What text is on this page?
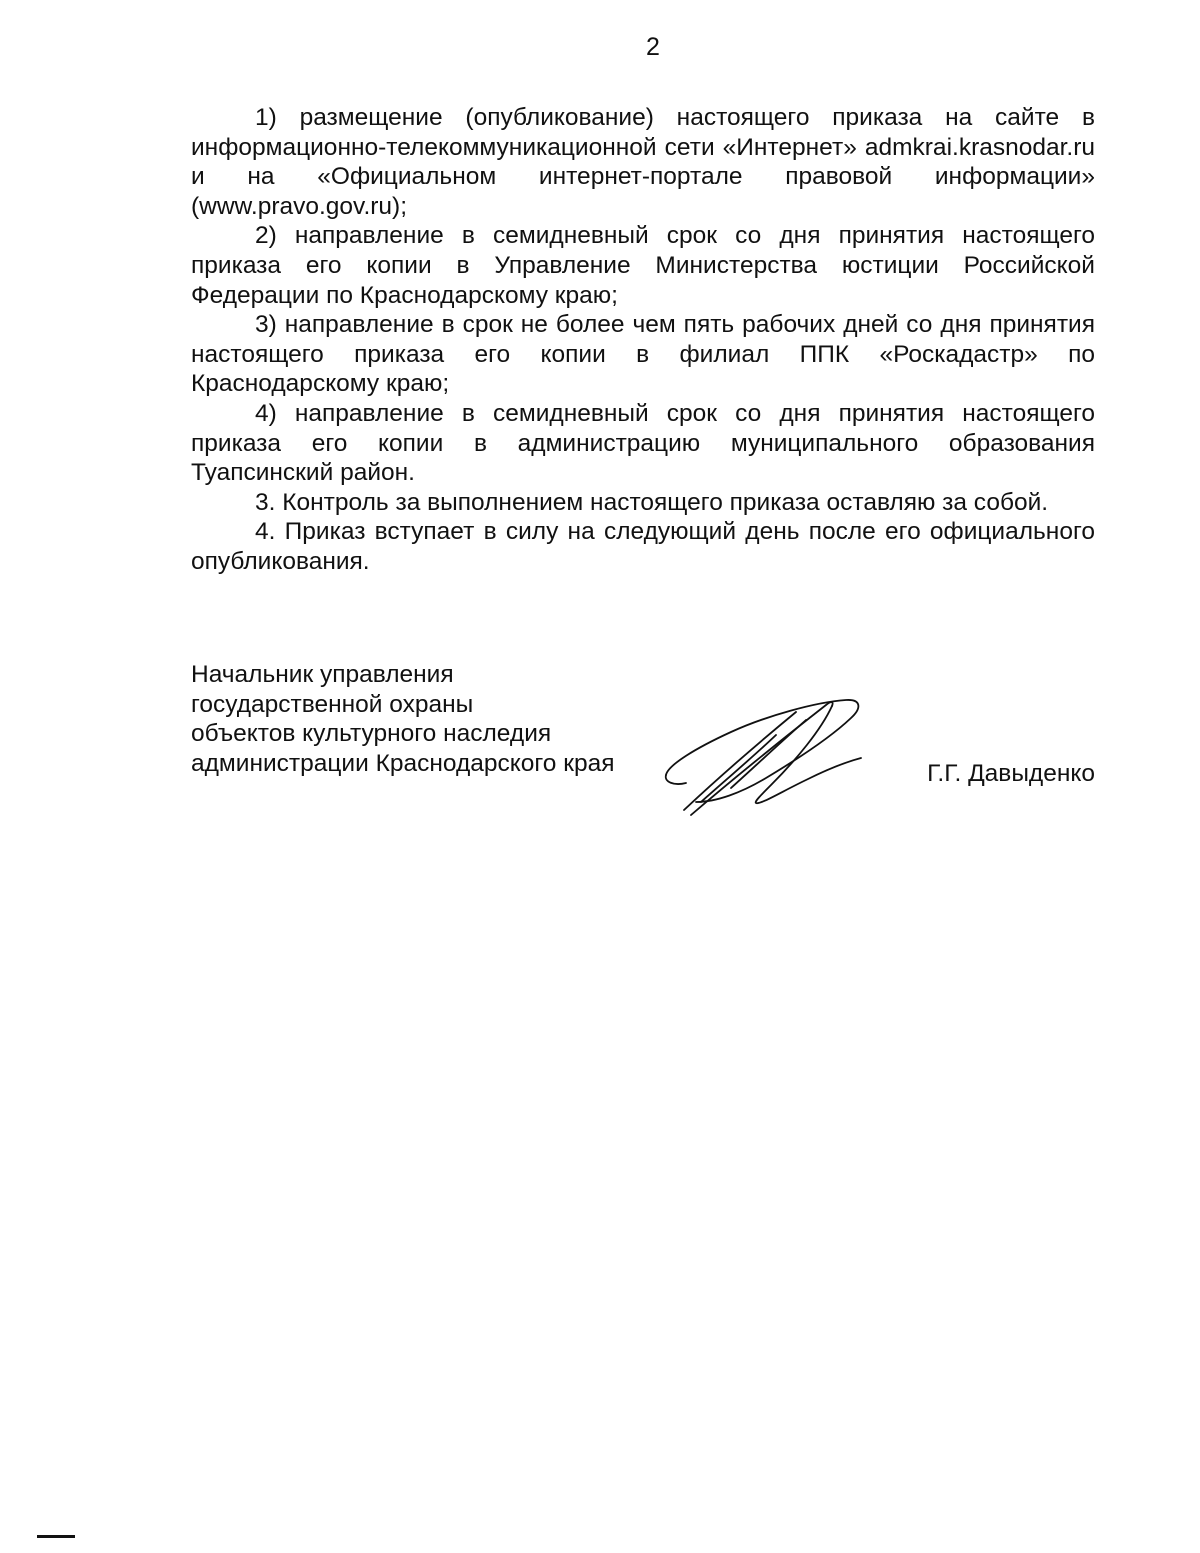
2

1) размещение (опубликование) настоящего приказа на сайте в информационно-телекоммуникационной сети «Интернет» admkrai.krasnodar.ru и на «Официальном интернет-портале правовой информации» (www.pravo.gov.ru);

2) направление в семидневный срок со дня принятия настоящего приказа его копии в Управление Министерства юстиции Российской Федерации по Краснодарскому краю;

3) направление в срок не более чем пять рабочих дней со дня принятия настоящего приказа его копии в филиал ППК «Роскадастр» по Краснодарскому краю;

4) направление в семидневный срок со дня принятия настоящего приказа его копии в администрацию муниципального образования Туапсинский район.

3. Контроль за выполнением настоящего приказа оставляю за собой.

4. Приказ вступает в силу на следующий день после его официального опубликования.

Начальник управления
государственной охраны
объектов культурного наследия
администрации Краснодарского края	Г.Г. Давыденко
